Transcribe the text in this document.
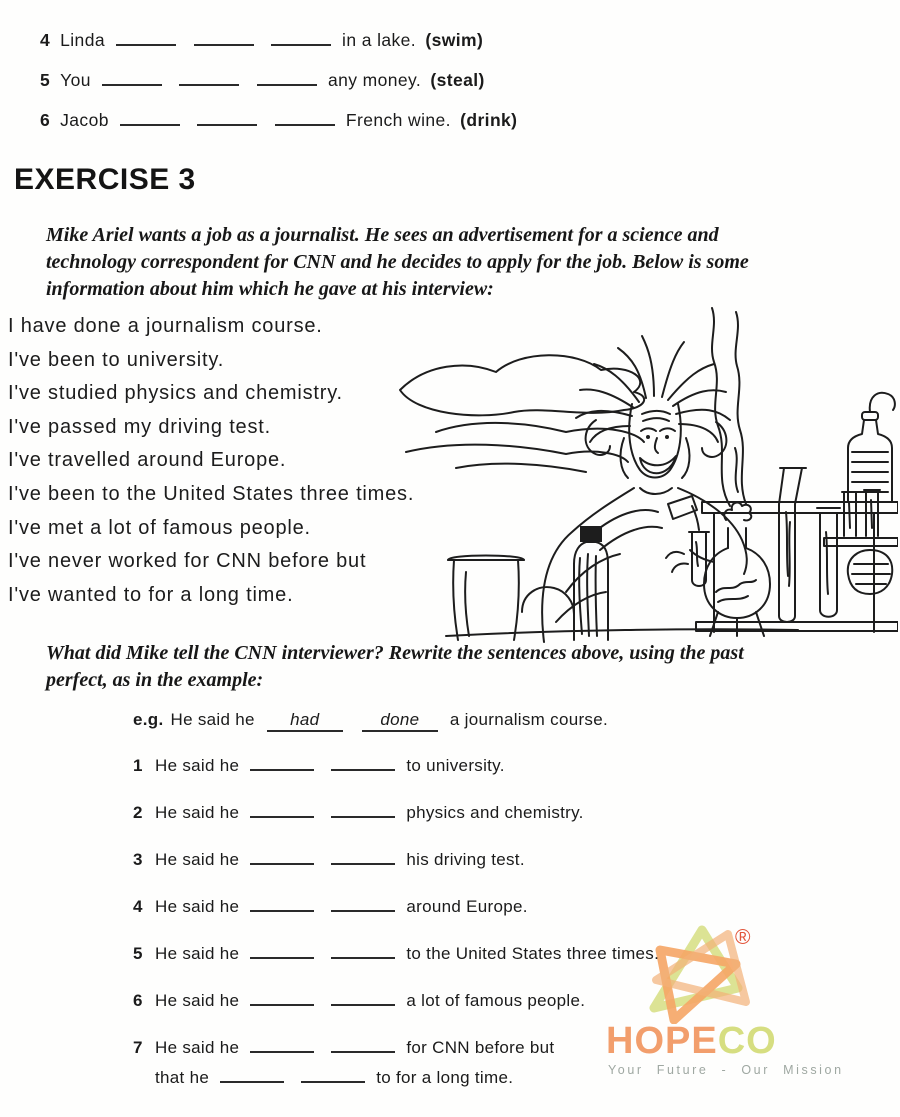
®
HOPECO
Your Future - Our Mission
4 Linda	in a lake. (swim)
5 You	any money. (steal)
6 Jacob	French wine. (drink)
EXERCISE 3
Mike Ariel wants a job as a journalist. He sees an advertisement for a science and
technology correspondent for CNN and he decides to apply for the job. Below is some
information about him which he gave at his interview:
I have done a journalism course.
I've been to university.
I've studied physics and chemistry.
I've passed my driving test.
I've travelled around Europe.
I've been to the United States three times.
I've met a lot of famous people.
I've never worked for CNN before but
I've wanted to for a long time.
What did Mike tell the CNN interviewer? Rewrite the sentences above, using the past
perfect, as in the example:
e.g. He said he had	done a journalism course.
1 He said he	to university.
2 He said he	physics and chemistry.
3 He said he	his driving test.
4 He said he	around Europe.
5 He said he	to the United States three times.
6 He said he	a lot of famous people.
7 He said he	for CNN before but
that he	to for a long time.
